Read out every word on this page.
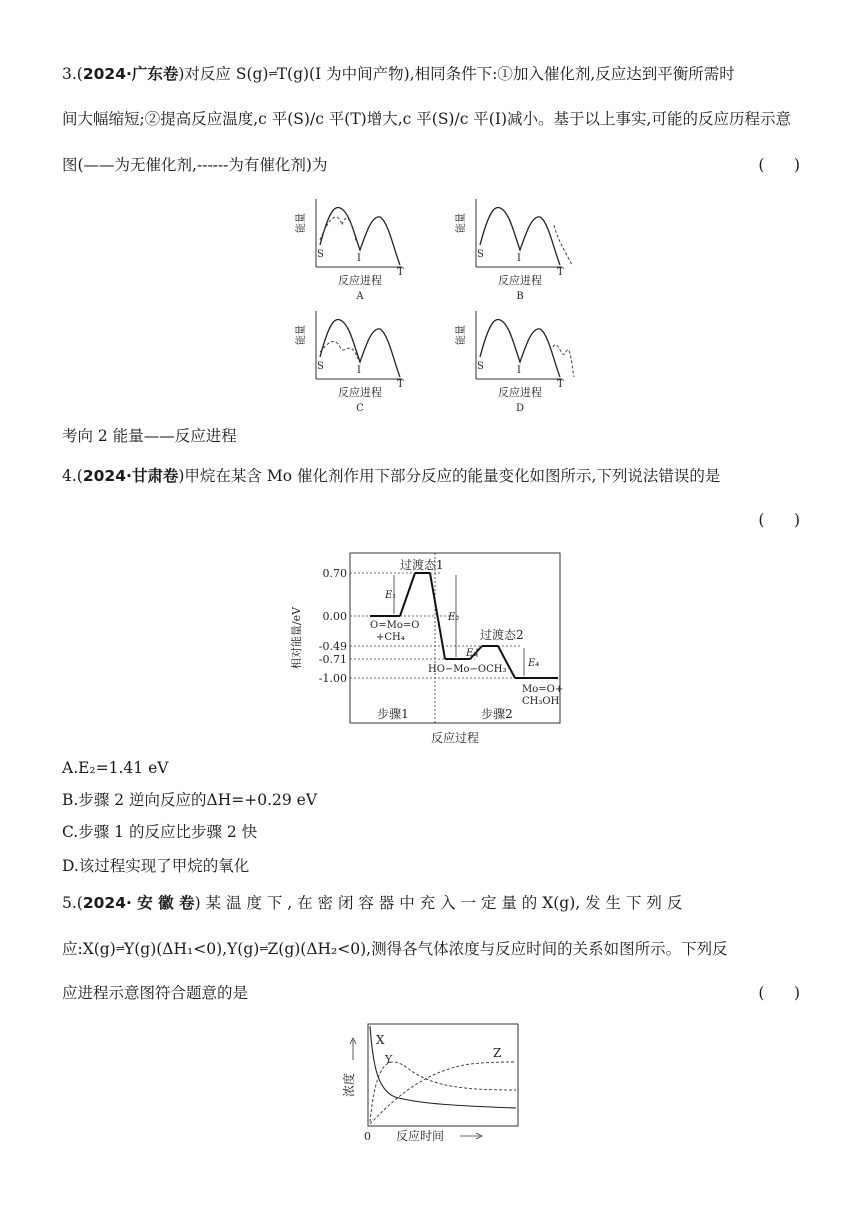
3.(2024·广东卷)对反应 S(g)⇌T(g)(I 为中间产物),相同条件下:①加入催化剂,反应达到平衡所需时
间大幅缩短;②提高反应温度,c 平(S)/c 平(T)增大,c 平(S)/c 平(I)减小。基于以上事实,可能的反应历程示意
图(——为无催化剂,------为有催化剂)为	(      )
能量
S	I
T
反应进程
A
能量
S	I
T
反应进程
B
能量
S	I
T
反应进程
C
能量
S	I
T
反应进程
D
考向 2 能量——反应进程
4.(2024·甘肃卷)甲烷在某含 Mo 催化剂作用下部分反应的能量变化如图所示,下列说法错误的是
(      )
相对能量/eV
0.70
0.00
-0.49
-0.71
-1.00
E₁
E₂
E₃
E₄
过渡态1
过渡态2
O=Mo=O
+CH₄
HO−Mo−OCH₃
Mo=O+
CH₃OH
步骤1	步骤2
反应过程
A.E₂=1.41 eV
B.步骤 2 逆向反应的ΔH=+0.29 eV
C.步骤 1 的反应比步骤 2 快
D.该过程实现了甲烷的氧化
5.(2024· 安 徽 卷) 某 温 度 下 , 在 密 闭 容 器 中 充 入 一 定 量 的 X(g), 发 生 下 列 反
应:X(g)⇌Y(g)(ΔH₁<0),Y(g)⇌Z(g)(ΔH₂<0),测得各气体浓度与反应时间的关系如图所示。下列反
应进程示意图符合题意的是	(      )
浓度
0 反应时间
X
Y	Z
